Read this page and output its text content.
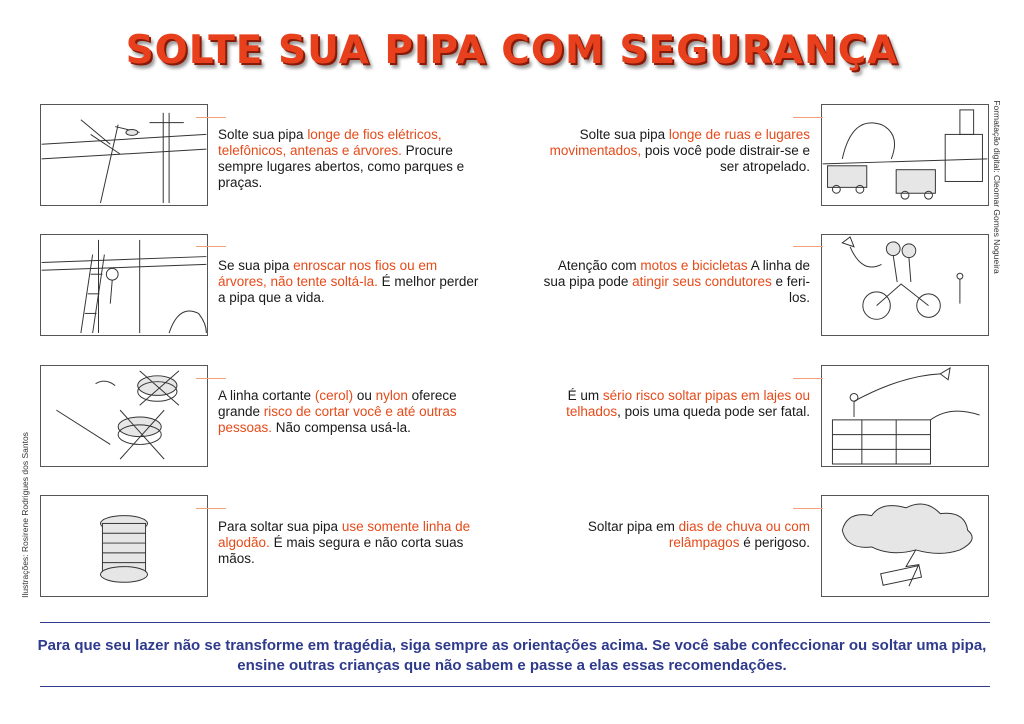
SOLTE SUA PIPA COM SEGURANÇA
Ilustrações: Rosirene Rodrigues dos Santos
Formatação digital: Cleomar Gomes Nogueira
Solte sua pipa longe de fios elétricos, telefônicos, antenas e árvores. Procure sempre lugares abertos, como parques e praças.
Se sua pipa enroscar nos fios ou em árvores, não tente soltá-la. É melhor perder a pipa que a vida.
A linha cortante (cerol) ou nylon oferece grande risco de cortar você e até outras pessoas. Não compensa usá-la.
Para soltar sua pipa use somente linha de algodão. É mais segura e não corta suas mãos.
Solte sua pipa longe de ruas e lugares movimentados, pois você pode distrair-se e ser atropelado.
Atenção com motos e bicicletas A linha de sua pipa pode atingir seus condutores e feri-los.
É um sério risco soltar pipas em lajes ou telhados, pois uma queda pode ser fatal.
Soltar pipa em dias de chuva ou com relâmpagos é perigoso.
Para que seu lazer não se transforme em tragédia, siga sempre as orientações acima. Se você sabe confeccionar ou soltar uma pipa, ensine outras crianças que não sabem e passe a elas essas recomendações.
